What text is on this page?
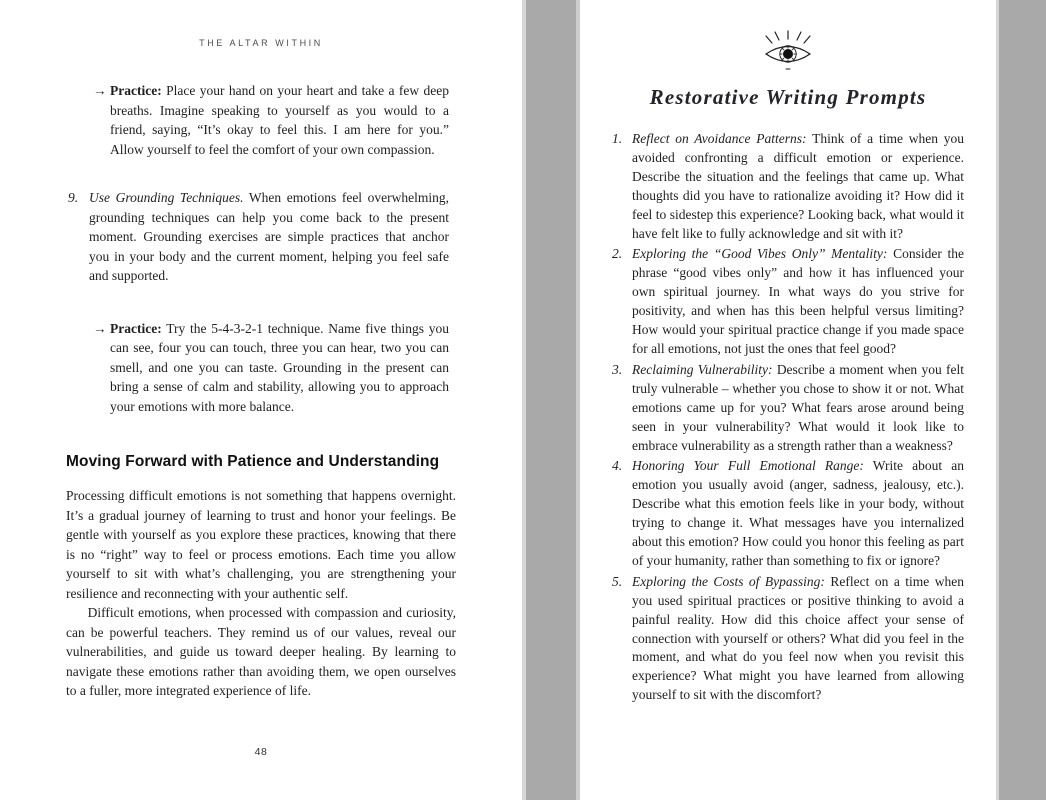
THE ALTAR WITHIN
→ Practice: Place your hand on your heart and take a few deep breaths. Imagine speaking to yourself as you would to a friend, saying, “It’s okay to feel this. I am here for you.” Allow yourself to feel the comfort of your own compassion.
9. Use Grounding Techniques. When emotions feel overwhelming, grounding techniques can help you come back to the present moment. Grounding exercises are simple practices that anchor you in your body and the current moment, helping you feel safe and supported.
→ Practice: Try the 5-4-3-2-1 technique. Name five things you can see, four you can touch, three you can hear, two you can smell, and one you can taste. Grounding in the present can bring a sense of calm and stability, allowing you to approach your emotions with more balance.
Moving Forward with Patience and Understanding

Processing difficult emotions is not something that happens overnight. It’s a gradual journey of learning to trust and honor your feelings. Be gentle with yourself as you explore these practices, knowing that there is no “right” way to feel or process emotions. Each time you allow yourself to sit with what’s challenging, you are strengthening your resilience and reconnecting with your authentic self.

Difficult emotions, when processed with compassion and curiosity, can be powerful teachers. They remind us of our values, reveal our vulnerabilities, and guide us toward deeper healing. By learning to navigate these emotions rather than avoiding them, we open ourselves to a fuller, more integrated experience of life.

48
Restorative Writing Prompts
1. Reflect on Avoidance Patterns: Think of a time when you avoided confronting a difficult emotion or experience. Describe the situation and the feelings that came up. What thoughts did you have to rationalize avoiding it? How did it feel to sidestep this experience? Looking back, what would it have felt like to fully acknowledge and sit with it?
2. Exploring the “Good Vibes Only” Mentality: Consider the phrase “good vibes only” and how it has influenced your own spiritual journey. In what ways do you strive for positivity, and when has this been helpful versus limiting? How would your spiritual practice change if you made space for all emotions, not just the ones that feel good?
3. Reclaiming Vulnerability: Describe a moment when you felt truly vulnerable – whether you chose to show it or not. What emotions came up for you? What fears arose around being seen in your vulnerability? What would it look like to embrace vulnerability as a strength rather than a weakness?
4. Honoring Your Full Emotional Range: Write about an emotion you usually avoid (anger, sadness, jealousy, etc.). Describe what this emotion feels like in your body, without trying to change it. What messages have you internalized about this emotion? How could you honor this feeling as part of your humanity, rather than something to fix or ignore?
5. Exploring the Costs of Bypassing: Reflect on a time when you used spiritual practices or positive thinking to avoid a painful reality. How did this choice affect your sense of connection with yourself or others? What did you feel in the moment, and what do you feel now when you revisit this experience? What might you have learned from allowing yourself to sit with the discomfort?
